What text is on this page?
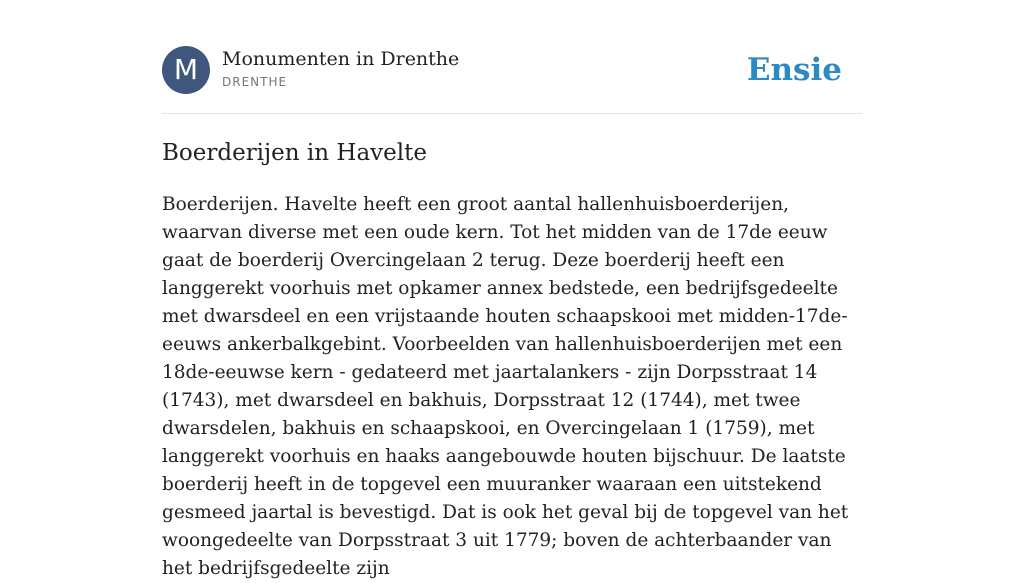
M	Monumenten in Drenthe
DRENTHE	Ensie
Boerderijen in Havelte

Boerderijen. Havelte heeft een groot aantal hallenhuisboerderijen, waarvan diverse met een oude kern. Tot het midden van de 17de eeuw gaat de boerderij Overcingelaan 2 terug. Deze boerderij heeft een langgerekt voorhuis met opkamer annex bedstede, een bedrijfsgedeelte met dwarsdeel en een vrijstaande houten schaapskooi met midden-17de-eeuws ankerbalkgebint. Voorbeelden van hallenhuisboerderijen met een 18de-eeuwse kern - gedateerd met jaartalankers - zijn Dorpsstraat 14 (1743), met dwarsdeel en bakhuis, Dorpsstraat 12 (1744), met twee dwarsdelen, bakhuis en schaapskooi, en Overcingelaan 1 (1759), met langgerekt voorhuis en haaks aangebouwde houten bijschuur. De laatste boerderij heeft in de topgevel een muuranker waaraan een uitstekend gesmeed jaartal is bevestigd. Dat is ook het geval bij de topgevel van het woongedeelte van Dorpsstraat 3 uit 1779; boven de achterbaander van het bedrijfsgedeelte zijn
